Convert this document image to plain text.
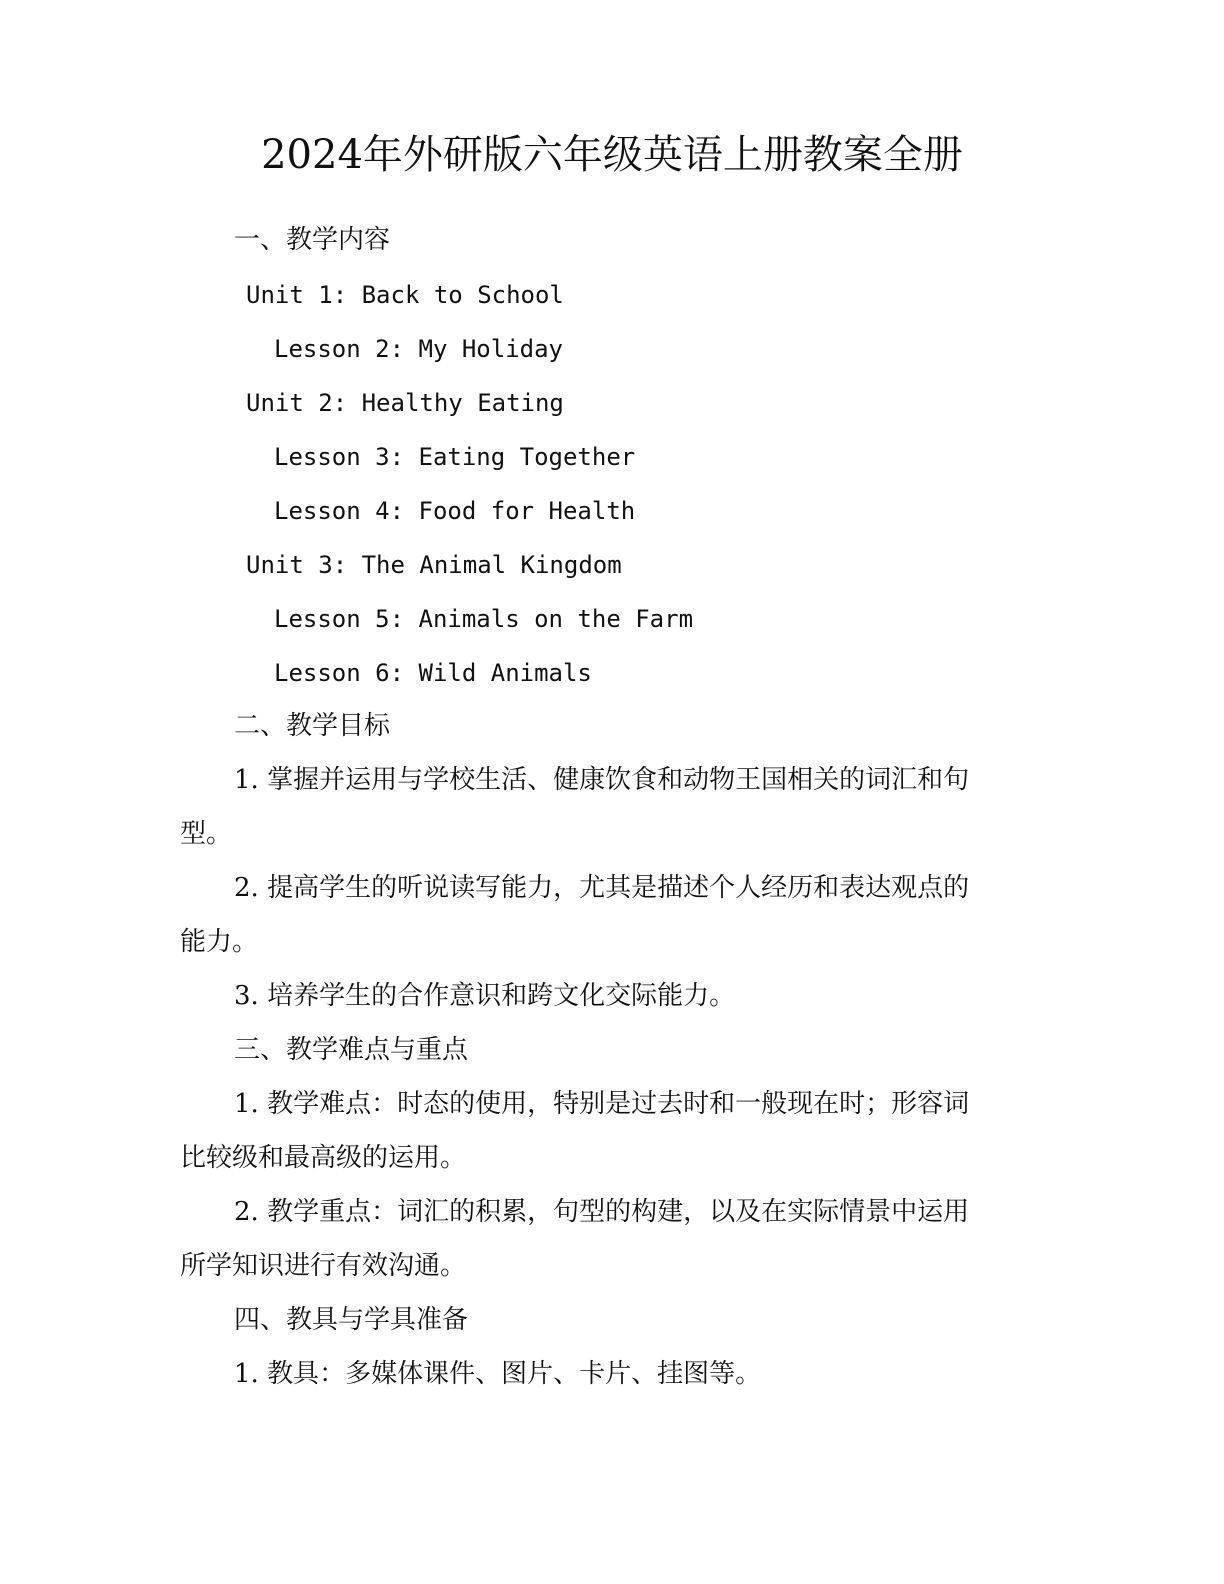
2024年外研版六年级英语上册教案全册
一、教学内容
Unit 1: Back to School
Lesson 2: My Holiday
Unit 2: Healthy Eating
Lesson 3: Eating Together
Lesson 4: Food for Health
Unit 3: The Animal Kingdom
Lesson 5: Animals on the Farm
Lesson 6: Wild Animals
二、教学目标
1. 掌握并运用与学校生活、健康饮食和动物王国相关的词汇和句
型。
2. 提高学生的听说读写能力，尤其是描述个人经历和表达观点的
能力。
3. 培养学生的合作意识和跨文化交际能力。
三、教学难点与重点
1. 教学难点：时态的使用，特别是过去时和一般现在时；形容词
比较级和最高级的运用。
2. 教学重点：词汇的积累，句型的构建，以及在实际情景中运用
所学知识进行有效沟通。
四、教具与学具准备
1. 教具：多媒体课件、图片、卡片、挂图等。
